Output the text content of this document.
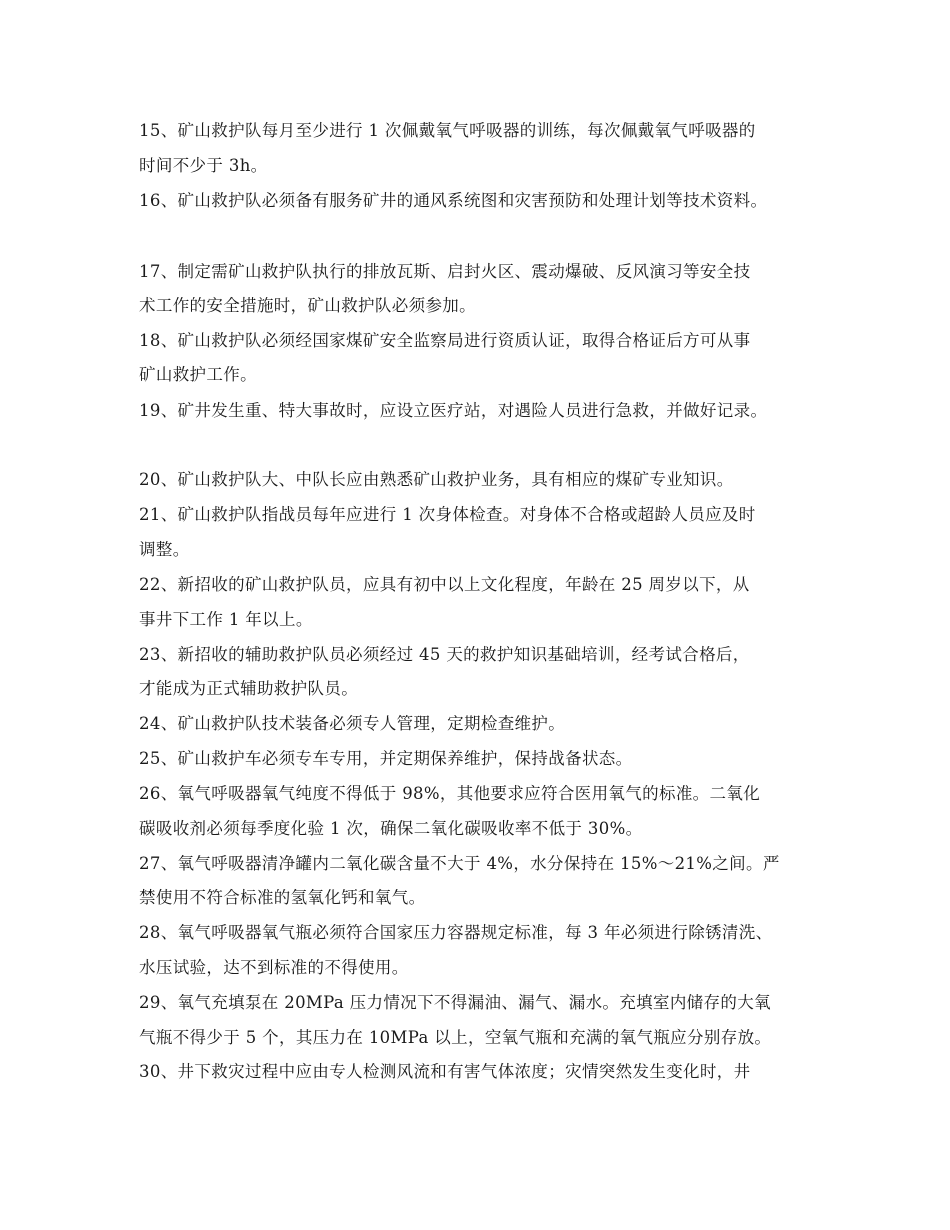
15、矿山救护队每月至少进行 1 次佩戴氧气呼吸器的训练，每次佩戴氧气呼吸器的
时间不少于 3h。
16、矿山救护队必须备有服务矿井的通风系统图和灾害预防和处理计划等技术资料。
17、制定需矿山救护队执行的排放瓦斯、启封火区、震动爆破、反风演习等安全技
术工作的安全措施时，矿山救护队必须参加。
18、矿山救护队必须经国家煤矿安全监察局进行资质认证，取得合格证后方可从事
矿山救护工作。
19、矿井发生重、特大事故时，应设立医疗站，对遇险人员进行急救，并做好记录。
20、矿山救护队大、中队长应由熟悉矿山救护业务，具有相应的煤矿专业知识。
21、矿山救护队指战员每年应进行 1 次身体检查。对身体不合格或超龄人员应及时
调整。
22、新招收的矿山救护队员，应具有初中以上文化程度，年龄在 25 周岁以下，从
事井下工作 1 年以上。
23、新招收的辅助救护队员必须经过 45 天的救护知识基础培训，经考试合格后，
才能成为正式辅助救护队员。
24、矿山救护队技术装备必须专人管理，定期检查维护。
25、矿山救护车必须专车专用，并定期保养维护，保持战备状态。
26、氧气呼吸器氧气纯度不得低于 98%，其他要求应符合医用氧气的标准。二氧化
碳吸收剂必须每季度化验 1 次，确保二氧化碳吸收率不低于 30%。
27、氧气呼吸器清净罐内二氧化碳含量不大于 4%，水分保持在 15%～21%之间。严
禁使用不符合标准的氢氧化钙和氧气。
28、氧气呼吸器氧气瓶必须符合国家压力容器规定标准，每 3 年必须进行除锈清洗、
水压试验，达不到标准的不得使用。
29、氧气充填泵在 20MPa 压力情况下不得漏油、漏气、漏水。充填室内储存的大氧
气瓶不得少于 5 个，其压力在 10MPa 以上，空氧气瓶和充满的氧气瓶应分别存放。
30、井下救灾过程中应由专人检测风流和有害气体浓度；灾情突然发生变化时，井
